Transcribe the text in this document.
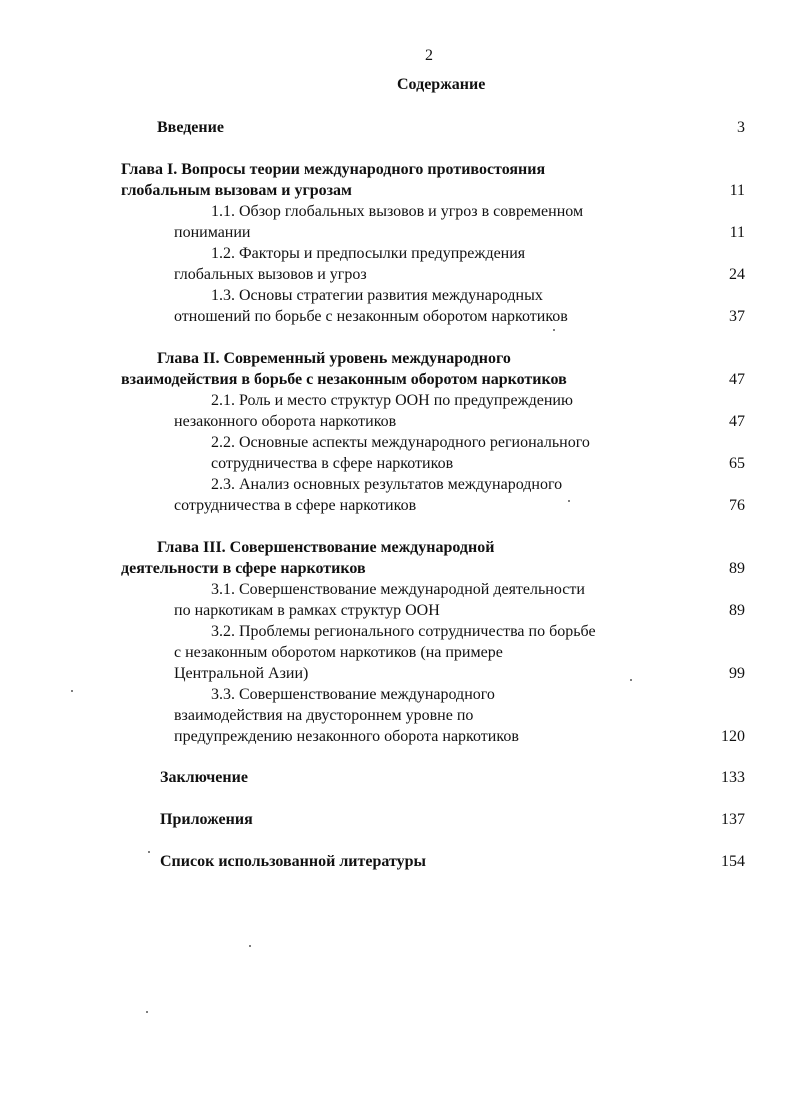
2
Содержание
Введение	3
Глава I. Вопросы теории международного противостояния
глобальным вызовам и угрозам	11
1.1. Обзор глобальных вызовов и угроз в современном
понимании	11
1.2. Факторы и предпосылки предупреждения
глобальных вызовов и угроз	24
1.3. Основы стратегии развития международных
отношений по борьбе с незаконным оборотом наркотиков	37
Глава II. Современный уровень международного
взаимодействия в борьбе с незаконным оборотом наркотиков	47
2.1. Роль и место структур ООН по предупреждению
незаконного оборота наркотиков	47
2.2. Основные аспекты международного регионального
сотрудничества в сфере наркотиков	65
2.3. Анализ основных результатов международного
сотрудничества в сфере наркотиков	76
Глава III. Совершенствование международной
деятельности в сфере наркотиков	89
3.1. Совершенствование международной деятельности
по наркотикам в рамках структур ООН	89
3.2. Проблемы регионального сотрудничества по борьбе
с незаконным оборотом наркотиков (на примере
Центральной Азии)	99
3.3. Совершенствование международного
взаимодействия на двустороннем уровне по
предупреждению незаконного оборота наркотиков	120
Заключение	133
Приложения	137
Список использованной литературы	154
